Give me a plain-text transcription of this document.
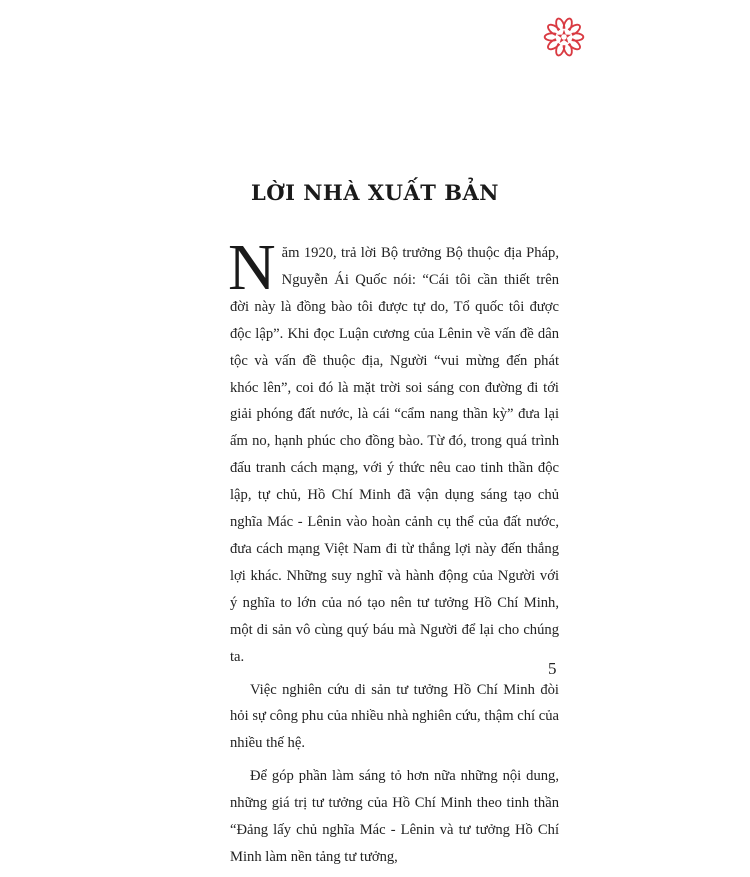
LỜI NHÀ XUẤT BẢN

Năm 1920, trả lời Bộ trưởng Bộ thuộc địa Pháp, Nguyễn Ái Quốc nói: “Cái tôi cần thiết trên đời này là đồng bào tôi được tự do, Tổ quốc tôi được độc lập”. Khi đọc Luận cương của Lênin về vấn đề dân tộc và vấn đề thuộc địa, Người “vui mừng đến phát khóc lên”, coi đó là mặt trời soi sáng con đường đi tới giải phóng đất nước, là cái “cẩm nang thần kỳ” đưa lại ấm no, hạnh phúc cho đồng bào. Từ đó, trong quá trình đấu tranh cách mạng, với ý thức nêu cao tinh thần độc lập, tự chủ, Hồ Chí Minh đã vận dụng sáng tạo chủ nghĩa Mác - Lênin vào hoàn cảnh cụ thể của đất nước, đưa cách mạng Việt Nam đi từ thắng lợi này đến thắng lợi khác. Những suy nghĩ và hành động của Người với ý nghĩa to lớn của nó tạo nên tư tưởng Hồ Chí Minh, một di sản vô cùng quý báu mà Người để lại cho chúng ta.

Việc nghiên cứu di sản tư tưởng Hồ Chí Minh đòi hỏi sự công phu của nhiều nhà nghiên cứu, thậm chí của nhiều thế hệ.

Để góp phần làm sáng tỏ hơn nữa những nội dung, những giá trị tư tưởng của Hồ Chí Minh theo tinh thần “Đảng lấy chủ nghĩa Mác - Lênin và tư tưởng Hồ Chí Minh làm nền tảng tư tưởng,

5
